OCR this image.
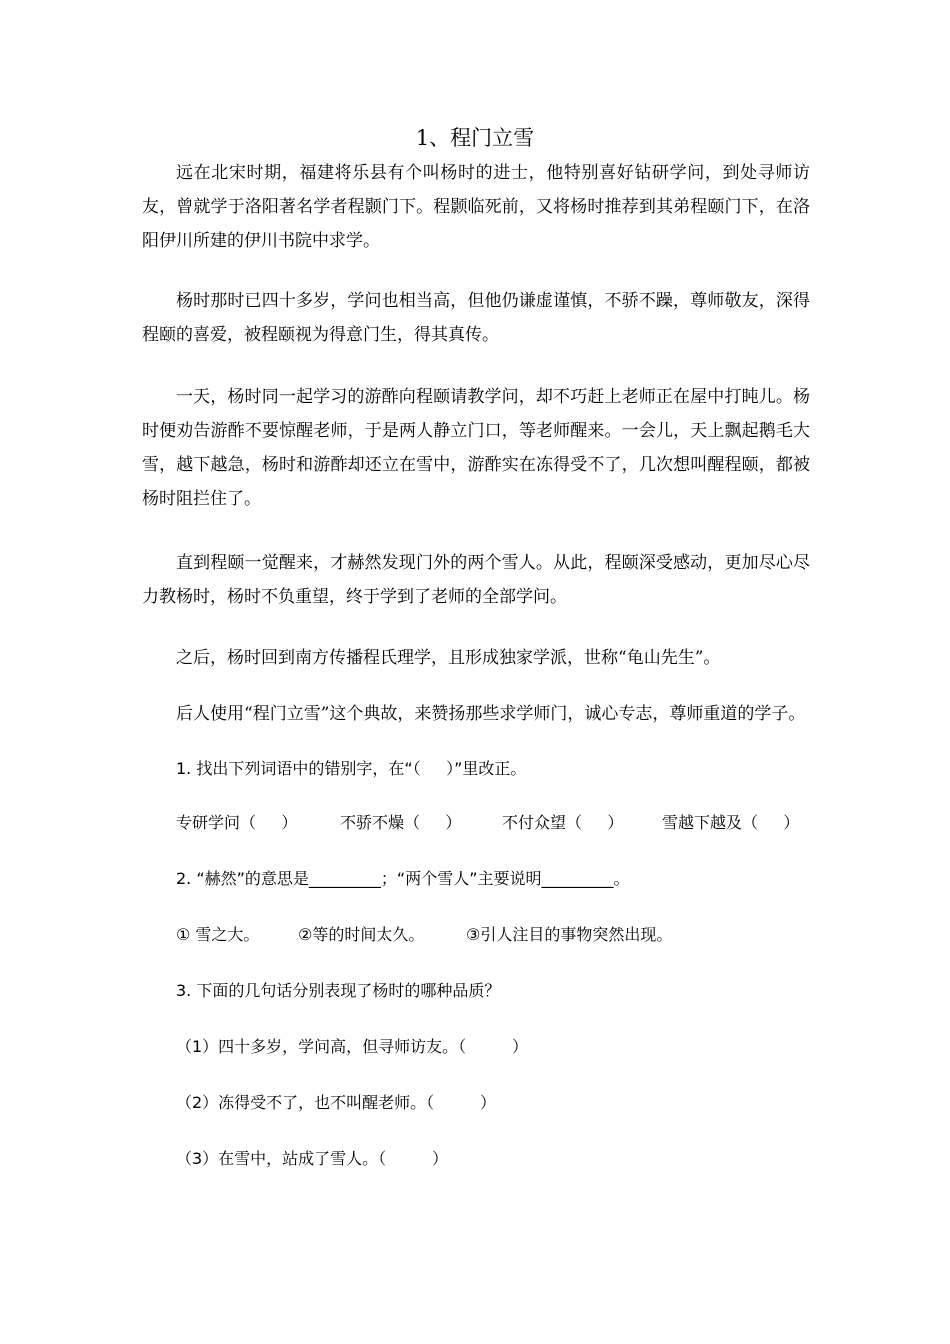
1、程门立雪

远在北宋时期，福建将乐县有个叫杨时的进士，他特别喜好钻研学问，到处寻师访友，曾就学于洛阳著名学者程颢门下。程颢临死前，又将杨时推荐到其弟程颐门下，在洛阳伊川所建的伊川书院中求学。

杨时那时已四十多岁，学问也相当高，但他仍谦虚谨慎，不骄不躁，尊师敬友，深得程颐的喜爱，被程颐视为得意门生，得其真传。

一天，杨时同一起学习的游酢向程颐请教学问，却不巧赶上老师正在屋中打盹儿。杨时便劝告游酢不要惊醒老师，于是两人静立门口，等老师醒来。一会儿，天上飘起鹅毛大雪，越下越急，杨时和游酢却还立在雪中，游酢实在冻得受不了，几次想叫醒程颐，都被杨时阻拦住了。

直到程颐一觉醒来，才赫然发现门外的两个雪人。从此，程颐深受感动，更加尽心尽力教杨时，杨时不负重望，终于学到了老师的全部学问。

之后，杨时回到南方传播程氏理学，且形成独家学派，世称“龟山先生”。
后人使用“程门立雪”这个典故，来赞扬那些求学师门，诚心专志，尊师重道的学子。
1. 找出下列词语中的错别字，在“（     ）”里改正。
专研学问（     ）	不骄不燥（     ）	不付众望（     ） 雪越下越及（     ）
2. “赫然”的意思是_________；“两个雪人”主要说明_________。
① 雪之大。 ②等的时间太久。	③引人注目的事物突然出现。
3. 下面的几句话分别表现了杨时的哪种品质？
（1）四十多岁，学问高，但寻师访友。（         ）
（2）冻得受不了，也不叫醒老师。（         ）
（3）在雪中，站成了雪人。（         ）
